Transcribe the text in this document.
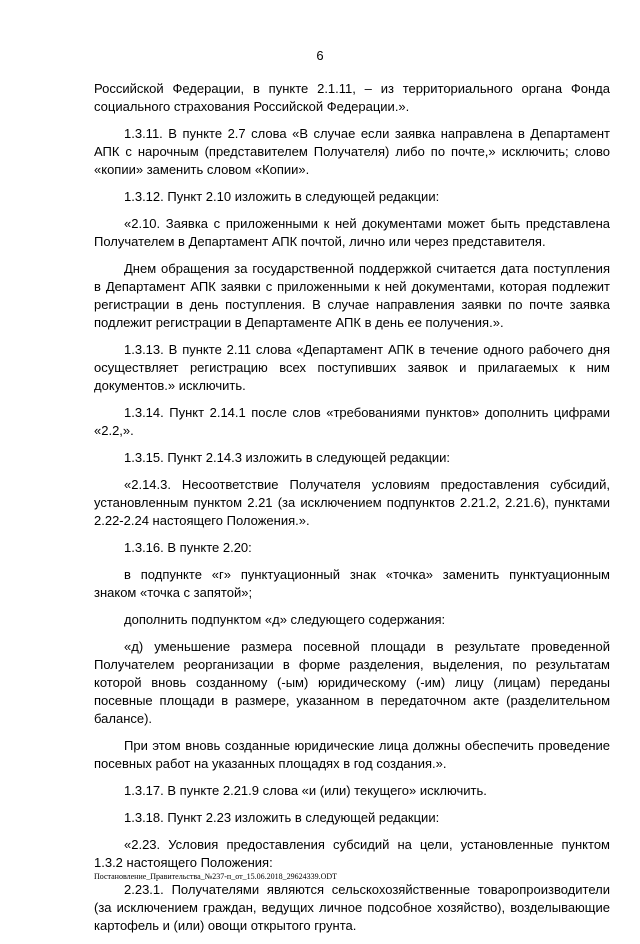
6

Российской Федерации, в пункте 2.1.11, – из территориального органа Фонда социального страхования Российской Федерации.».

1.3.11. В пункте 2.7 слова «В случае если заявка направлена в Департамент АПК с нарочным (представителем Получателя) либо по почте,» исключить; слово «копии» заменить словом «Копии».

1.3.12. Пункт 2.10 изложить в следующей редакции:

«2.10. Заявка с приложенными к ней документами может быть представлена Получателем в Департамент АПК почтой, лично или через представителя.

Днем обращения за государственной поддержкой считается дата поступления в Департамент АПК заявки с приложенными к ней документами, которая подлежит регистрации в день поступления. В случае направления заявки по почте заявка подлежит регистрации в Департаменте АПК в день ее получения.».

1.3.13. В пункте 2.11 слова «Департамент АПК в течение одного рабочего дня осуществляет регистрацию всех поступивших заявок и прилагаемых к ним документов.» исключить.

1.3.14. Пункт 2.14.1 после слов «требованиями пунктов» дополнить цифрами «2.2,».

1.3.15. Пункт 2.14.3 изложить в следующей редакции:

«2.14.3. Несоответствие Получателя условиям предоставления субсидий, установленным пунктом 2.21 (за исключением подпунктов 2.21.2, 2.21.6), пунктами 2.22-2.24 настоящего Положения.».

1.3.16. В пункте 2.20:

в подпункте «г» пунктуационный знак «точка» заменить пунктуационным знаком «точка с запятой»;

дополнить подпунктом «д» следующего содержания:

«д) уменьшение размера посевной площади в результате проведенной Получателем реорганизации в форме разделения, выделения, по результатам которой вновь созданному (-ым) юридическому (-им) лицу (лицам) переданы посевные площади в размере, указанном в передаточном акте (разделительном балансе).

При этом вновь созданные юридические лица должны обеспечить проведение посевных работ на указанных площадях в год создания.».

1.3.17. В пункте 2.21.9 слова «и (или) текущего» исключить.

1.3.18. Пункт 2.23 изложить в следующей редакции:

«2.23. Условия предоставления субсидий на цели, установленные пунктом 1.3.2 настоящего Положения:

2.23.1. Получателями являются сельскохозяйственные товаропроизводители (за исключением граждан, ведущих личное подсобное хозяйство), возделывающие картофель и (или) овощи открытого грунта.

Постановление_Правительства_№237-п_от_15.06.2018_29624339.ODT
